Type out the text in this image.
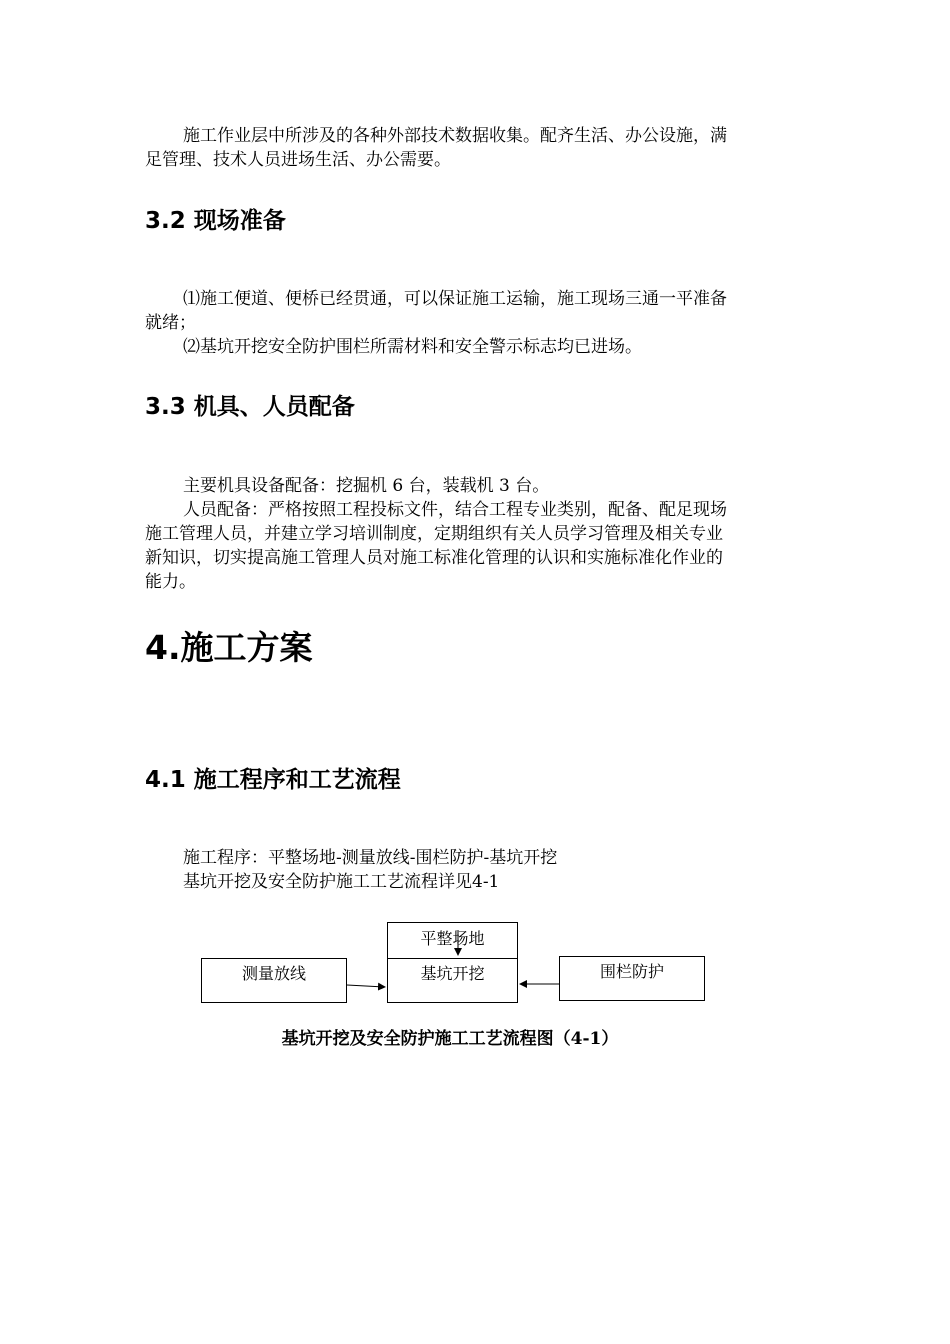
施工作业层中所涉及的各种外部技术数据收集。配齐生活、办公设施，满
足管理、技术人员进场生活、办公需要。
3.2 现场准备
⑴施工便道、便桥已经贯通，可以保证施工运输，施工现场三通一平准备
就绪；
⑵基坑开挖安全防护围栏所需材料和安全警示标志均已进场。
3.3 机具、人员配备
主要机具设备配备：挖掘机 6 台，装载机 3 台。
人员配备：严格按照工程投标文件，结合工程专业类别，配备、配足现场
施工管理人员，并建立学习培训制度，定期组织有关人员学习管理及相关专业
新知识，切实提高施工管理人员对施工标准化管理的认识和实施标准化作业的
能力。
4.施工方案
4.1 施工程序和工艺流程
施工程序：平整场地-测量放线-围栏防护-基坑开挖
基坑开挖及安全防护施工工艺流程详见4-1
平整场地
基坑开挖
测量放线	围栏防护
基坑开挖及安全防护施工工艺流程图（4-1）
